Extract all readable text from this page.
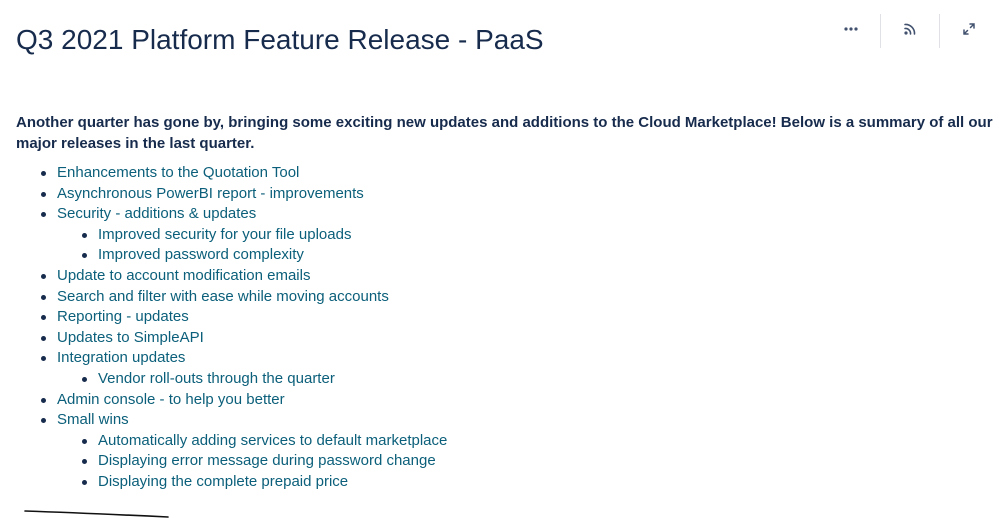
Q3 2021 Platform Feature Release - PaaS

Another quarter has gone by, bringing some exciting new updates and additions to the Cloud Marketplace! Below is a summary of all our major releases in the last quarter.

Enhancements to the Quotation Tool
Asynchronous PowerBI report - improvements
Security - additions & updates
Improved security for your file uploads
Improved password complexity
Update to account modification emails
Search and filter with ease while moving accounts
Reporting - updates
Updates to SimpleAPI
Integration updates
Vendor roll-outs through the quarter
Admin console - to help you better
Small wins
Automatically adding services to default marketplace
Displaying error message during password change
Displaying the complete prepaid price
